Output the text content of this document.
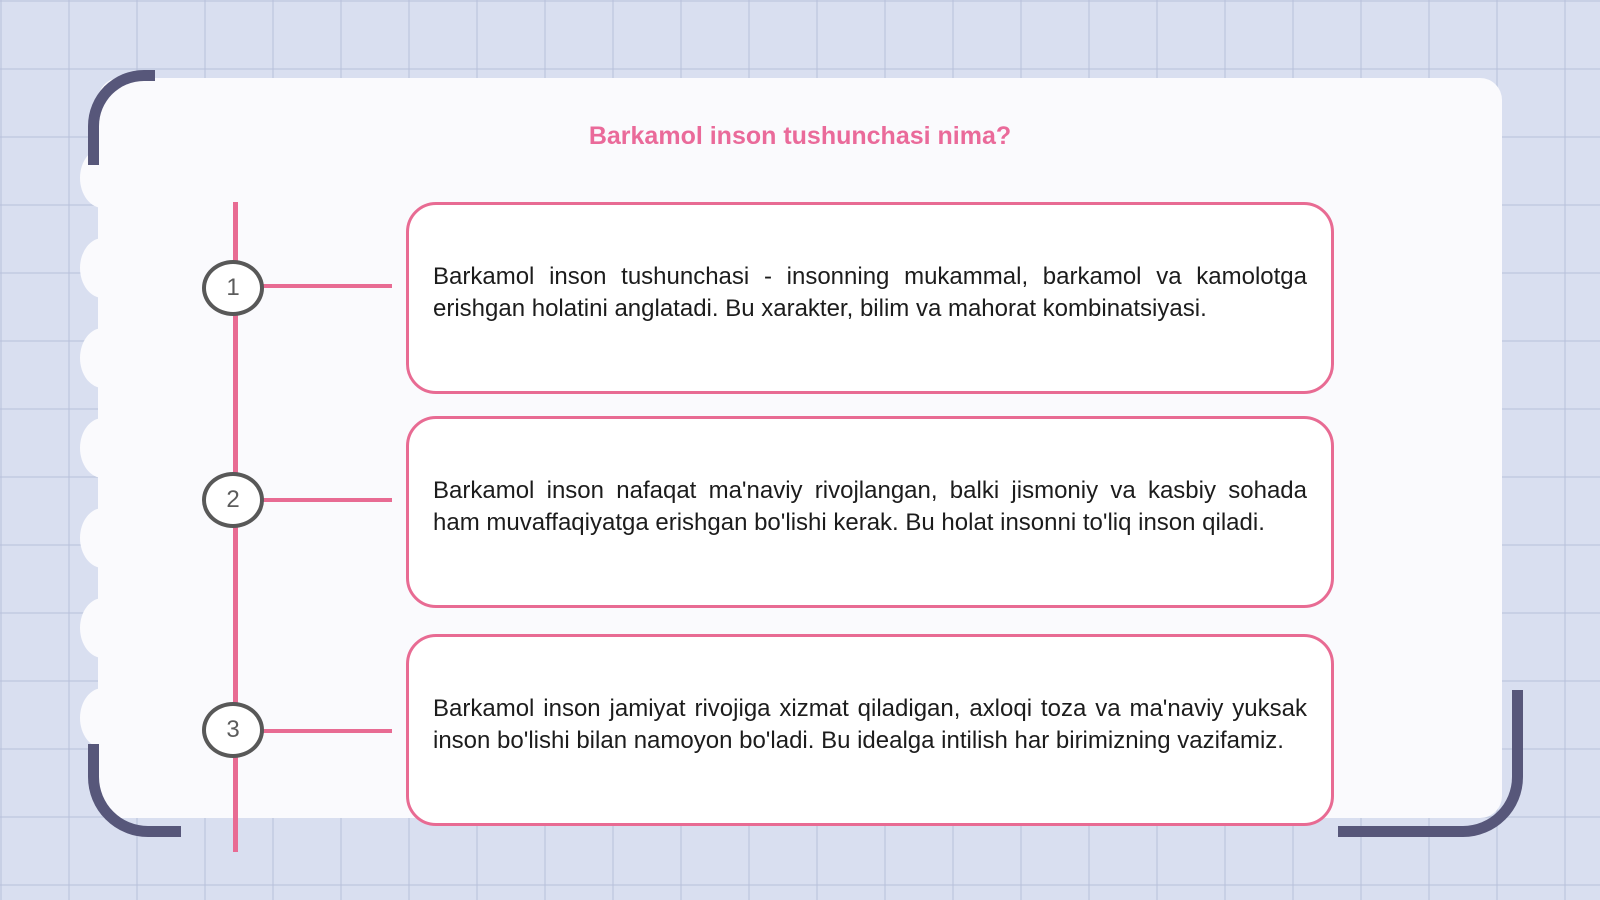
Barkamol inson tushunchasi nima?
1
2
3

Barkamol inson tushunchasi - insonning mukammal, barkamol va kamolotga erishgan holatini anglatadi. Bu xarakter, bilim va mahorat kombinatsiyasi.

Barkamol inson nafaqat ma'naviy rivojlangan, balki jismoniy va kasbiy sohada ham muvaffaqiyatga erishgan bo'lishi kerak. Bu holat insonni to'liq inson qiladi.

Barkamol inson jamiyat rivojiga xizmat qiladigan, axloqi toza va ma'naviy yuksak inson bo'lishi bilan namoyon bo'ladi. Bu idealga intilish har birimizning vazifamiz.
